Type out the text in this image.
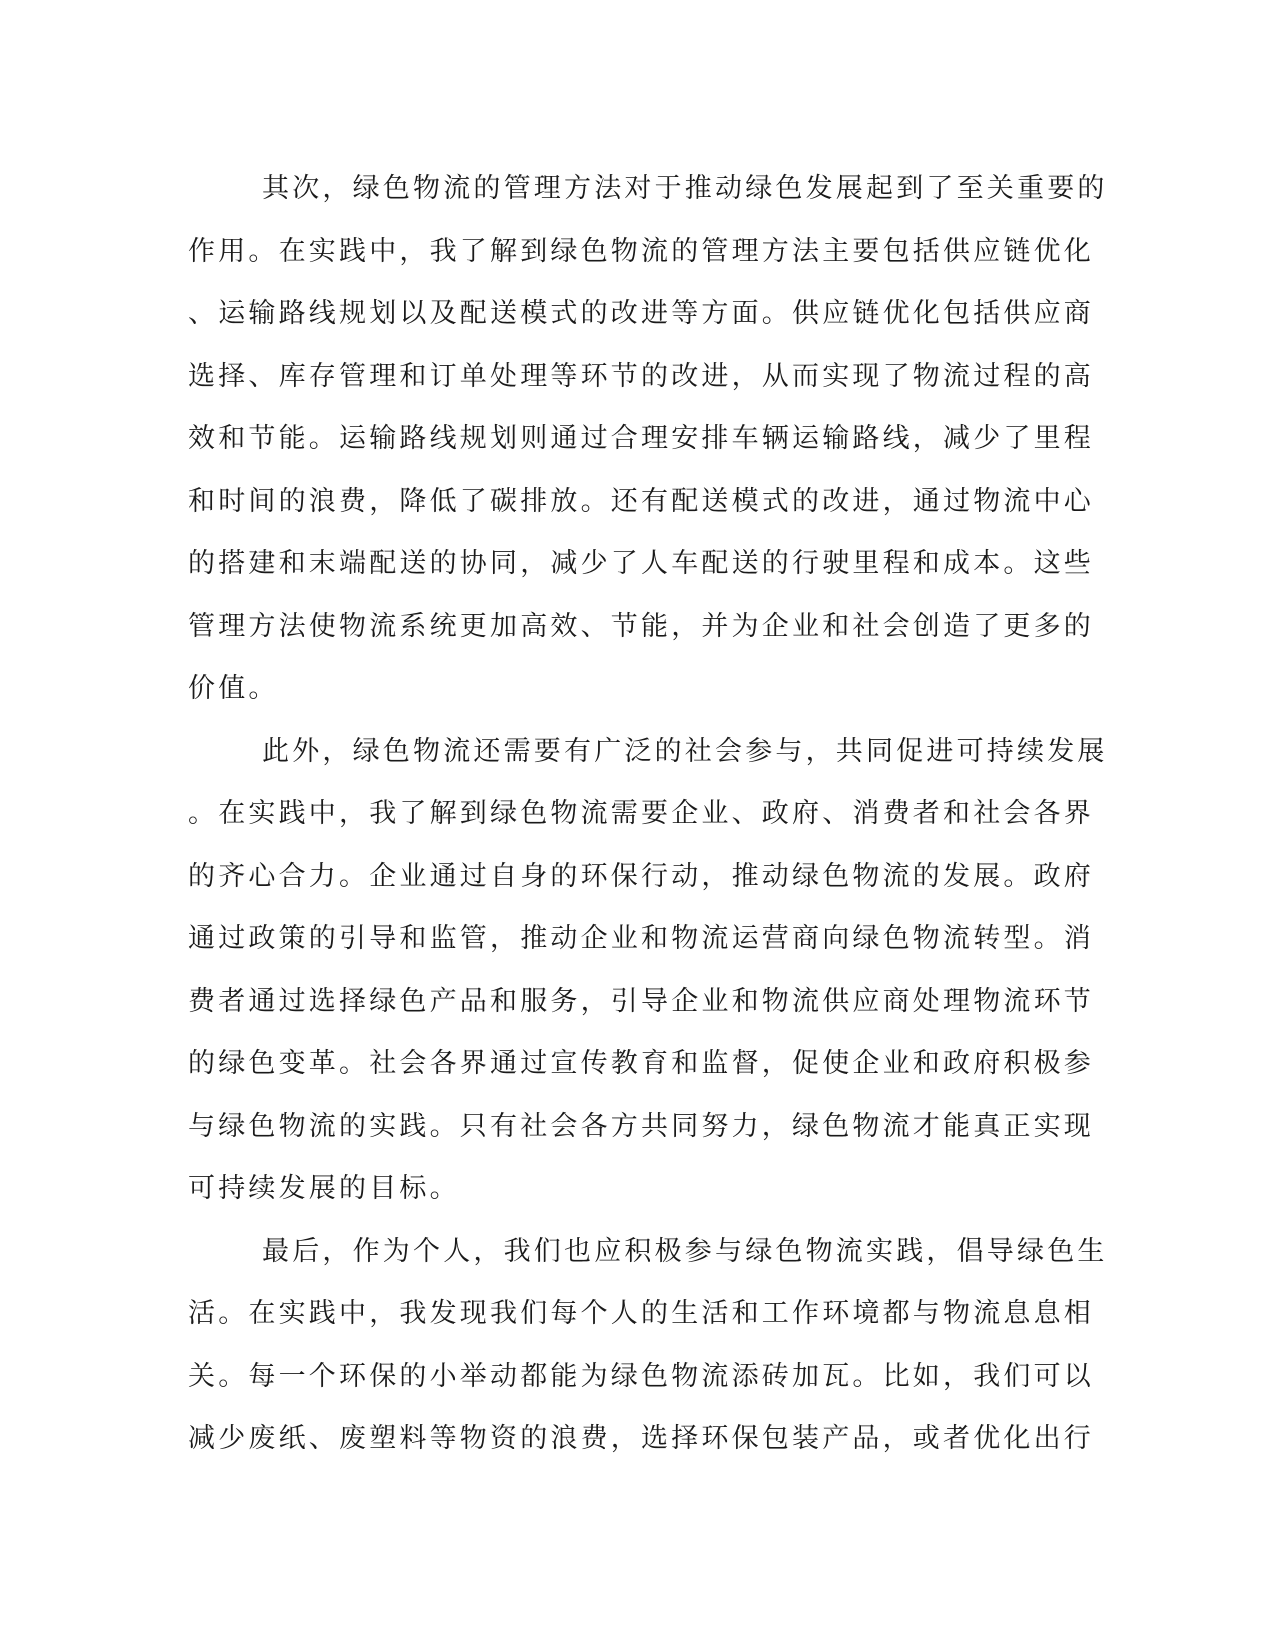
其次，绿色物流的管理方法对于推动绿色发展起到了至关重要的
作用。在实践中，我了解到绿色物流的管理方法主要包括供应链优化
、运输路线规划以及配送模式的改进等方面。供应链优化包括供应商
选择、库存管理和订单处理等环节的改进，从而实现了物流过程的高
效和节能。运输路线规划则通过合理安排车辆运输路线，减少了里程
和时间的浪费，降低了碳排放。还有配送模式的改进，通过物流中心
的搭建和末端配送的协同，减少了人车配送的行驶里程和成本。这些
管理方法使物流系统更加高效、节能，并为企业和社会创造了更多的
价值。
此外，绿色物流还需要有广泛的社会参与，共同促进可持续发展
。在实践中，我了解到绿色物流需要企业、政府、消费者和社会各界
的齐心合力。企业通过自身的环保行动，推动绿色物流的发展。政府
通过政策的引导和监管，推动企业和物流运营商向绿色物流转型。消
费者通过选择绿色产品和服务，引导企业和物流供应商处理物流环节
的绿色变革。社会各界通过宣传教育和监督，促使企业和政府积极参
与绿色物流的实践。只有社会各方共同努力，绿色物流才能真正实现
可持续发展的目标。
最后，作为个人，我们也应积极参与绿色物流实践，倡导绿色生
活。在实践中，我发现我们每个人的生活和工作环境都与物流息息相
关。每一个环保的小举动都能为绿色物流添砖加瓦。比如，我们可以
减少废纸、废塑料等物资的浪费，选择环保包装产品，或者优化出行
